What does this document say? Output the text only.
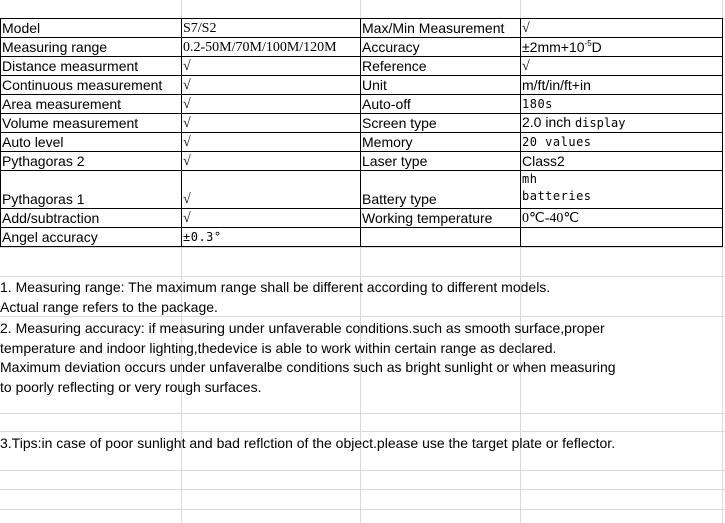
Model	S7/S2	Max/Min Measurement	√
Measuring range	0.2-50M/70M/100M/120M	Accuracy	$\pm 2mm+10^{-5}D$
Distance measurment	√	Reference	√
Continuous measurement	√	Unit	m/ft/in/ft+in
Area measurement	√	Auto-off	180s
Volume measurement	√	Screen type	2.0 inch display
Auto level	√	Memory	20 values
Pythagoras 2	√	Laser type	Class2
Pythagoras 1	√	Battery type	mh
batteries

Add/subtraction	√	Working temperature	0℃-40℃
Angel accuracy	±0.3°		
1. Measuring range: The maximum range shall be different according to different models.
Actual range refers to the package.
2. Measuring accuracy: if measuring under unfaverable conditions.such as smooth surface,proper
temperature and indoor lighting,thedevice is able to work within certain range as declared.
Maximum deviation occurs under unfaveralbe conditions such as bright sunlight or when measuring
to poorly reflecting or very rough surfaces.
3.Tips:in case of poor sunlight and bad reflction of the object.please use the target plate or feflector.
